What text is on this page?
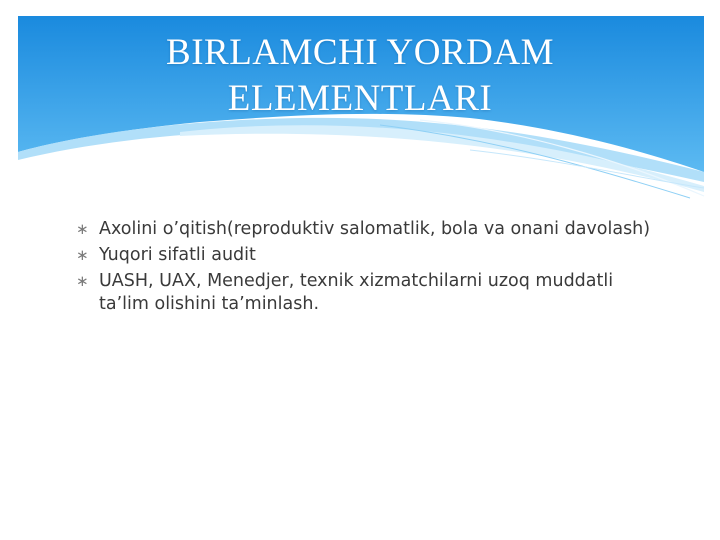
BIRLAMCHI YORDAM
ELEMENTLARI
∗ Axolini o’qitish(reproduktiv salomatlik, bola va onani davolash)
∗ Yuqori sifatli audit
∗ UASH, UAX, Menedjer, texnik xizmatchilarni uzoq muddatli ta’lim olishini ta’minlash.
